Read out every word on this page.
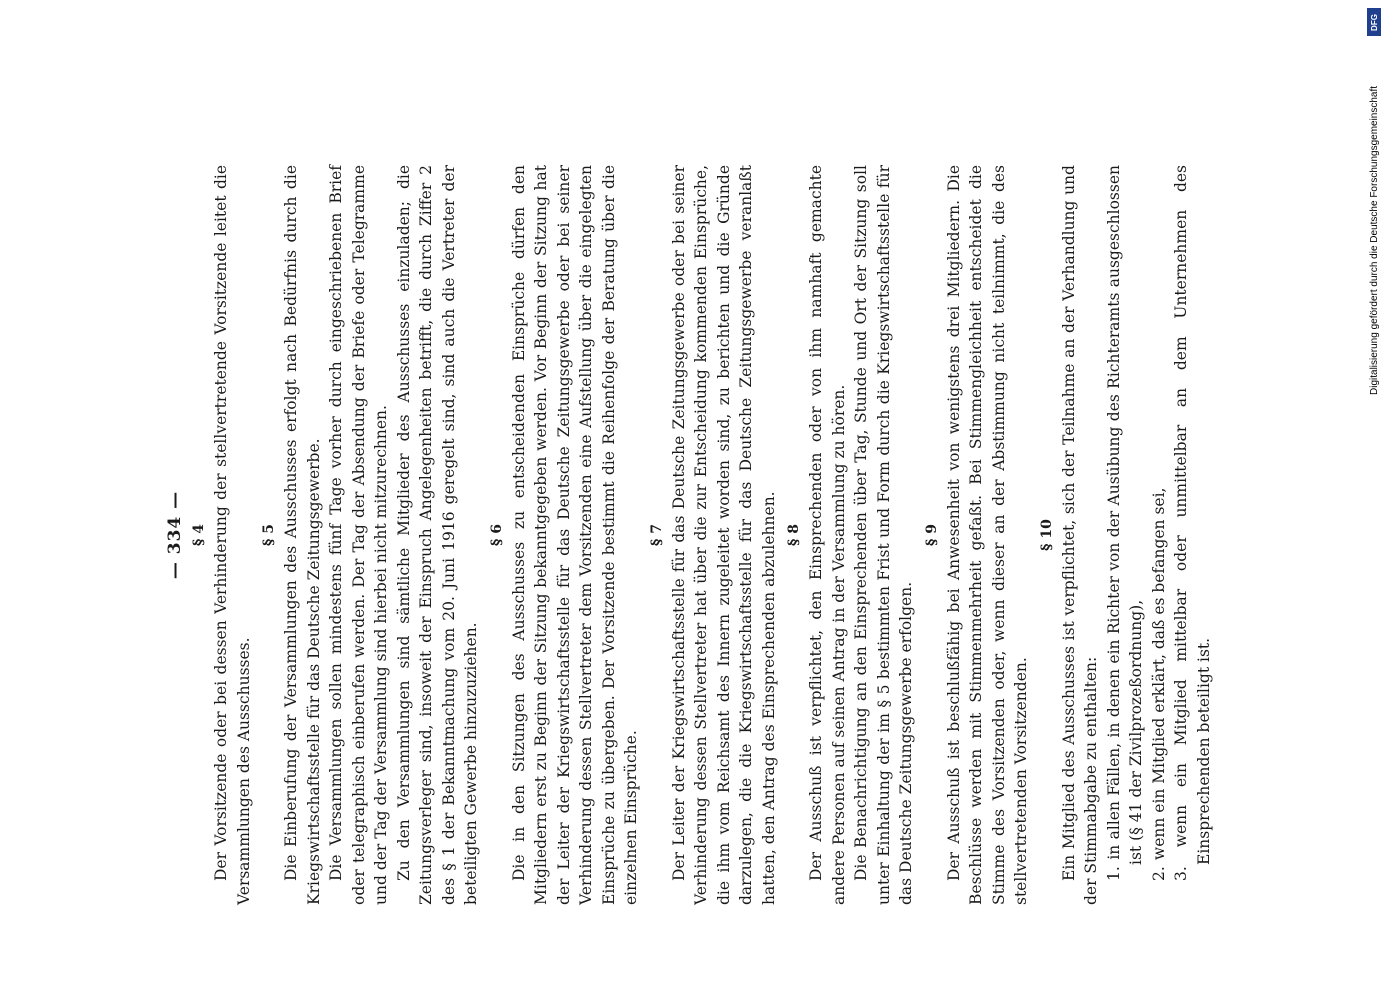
— 334 — § 4 Der Vorsitzende oder bei dessen Verhinderung der stellvertretende Vorsitzende leitet die Versammlungen des Ausschusses.

§ 5 Die Einberufung der Versammlungen des Ausschusses erfolgt nach Bedürfnis durch die Kriegswirtschaftsstelle für das Deutsche Zeitungsgewerbe. Die Versammlungen sollen mindestens fünf Tage vorher durch eingeschriebenen Brief oder telegraphisch einberufen werden. Der Tag der Absendung der Briefe oder Telegramme und der Tag der Versammlung sind hierbei nicht mitzurechnen. Zu den Versammlungen sind sämtliche Mitglieder des Ausschusses einzuladen; die Zeitungsverleger sind, insoweit der Einspruch Angelegenheiten betrifft, die durch Ziffer 2 des § 1 der Bekanntmachung vom 20. Juni 1916 geregelt sind, sind auch die Vertreter der beteiligten Gewerbe hinzuzuziehen.

§ 6 Die in den Sitzungen des Ausschusses zu entscheidenden Einsprüche dürfen den Mitgliedern erst zu Beginn der Sitzung bekanntgegeben werden. Vor Beginn der Sitzung hat der Leiter der Kriegswirtschaftsstelle für das Deutsche Zeitungsgewerbe oder bei seiner Verhinderung dessen Stellvertreter dem Vorsitzenden eine Aufstellung über die eingelegten Einsprüche zu übergeben. Der Vorsitzende bestimmt die Reihenfolge der Beratung über die einzelnen Einsprüche.

§ 7 Der Leiter der Kriegswirtschaftsstelle für das Deutsche Zeitungsgewerbe oder bei seiner Verhinderung dessen Stellvertreter hat über die zur Entscheidung kommenden Einsprüche, die ihm vom Reichsamt des Innern zugeleitet worden sind, zu berichten und die Gründe darzulegen, die die Kriegswirtschaftsstelle für das Deutsche Zeitungsgewerbe veranlaßt hatten, den Antrag des Einsprechenden abzulehnen. § 8 Der Ausschuß ist verpflichtet, den Einsprechenden oder von ihm namhaft gemachte andere Personen auf seinen Antrag in der Versammlung zu hören. Die Benachrichtigung an den Einsprechenden über Tag, Stunde und Ort der Sitzung soll unter Einhaltung der im § 5 bestimmten Frist und Form durch die Kriegswirtschaftsstelle für das Deutsche Zeitungsgewerbe erfolgen.

§ 9 Der Ausschuß ist beschlußfähig bei Anwesenheit von wenigstens drei Mitgliedern. Die Beschlüsse werden mit Stimmenmehrheit gefaßt. Bei Stimmengleichheit entscheidet die Stimme des Vorsitzenden oder, wenn dieser an der Abstimmung nicht teilnimmt, die des stellvertretenden Vorsitzenden.

§ 10 Ein Mitglied des Ausschusses ist verpflichtet, sich der Teilnahme an der Verhandlung und der Stimmabgabe zu enthalten: 1. in allen Fällen, in denen ein Richter von der Ausübung des Richteramts ausgeschlossen ist (§ 41 der Zivilprozeßordnung),
2. wenn ein Mitglied erklärt, daß es befangen sei,
3. wenn ein Mitglied mittelbar oder unmittelbar an dem Unternehmen des Einsprechenden beteiligt ist.
DFG
Digitalisierung gefördert durch die Deutsche Forschungsgemeinschaft
